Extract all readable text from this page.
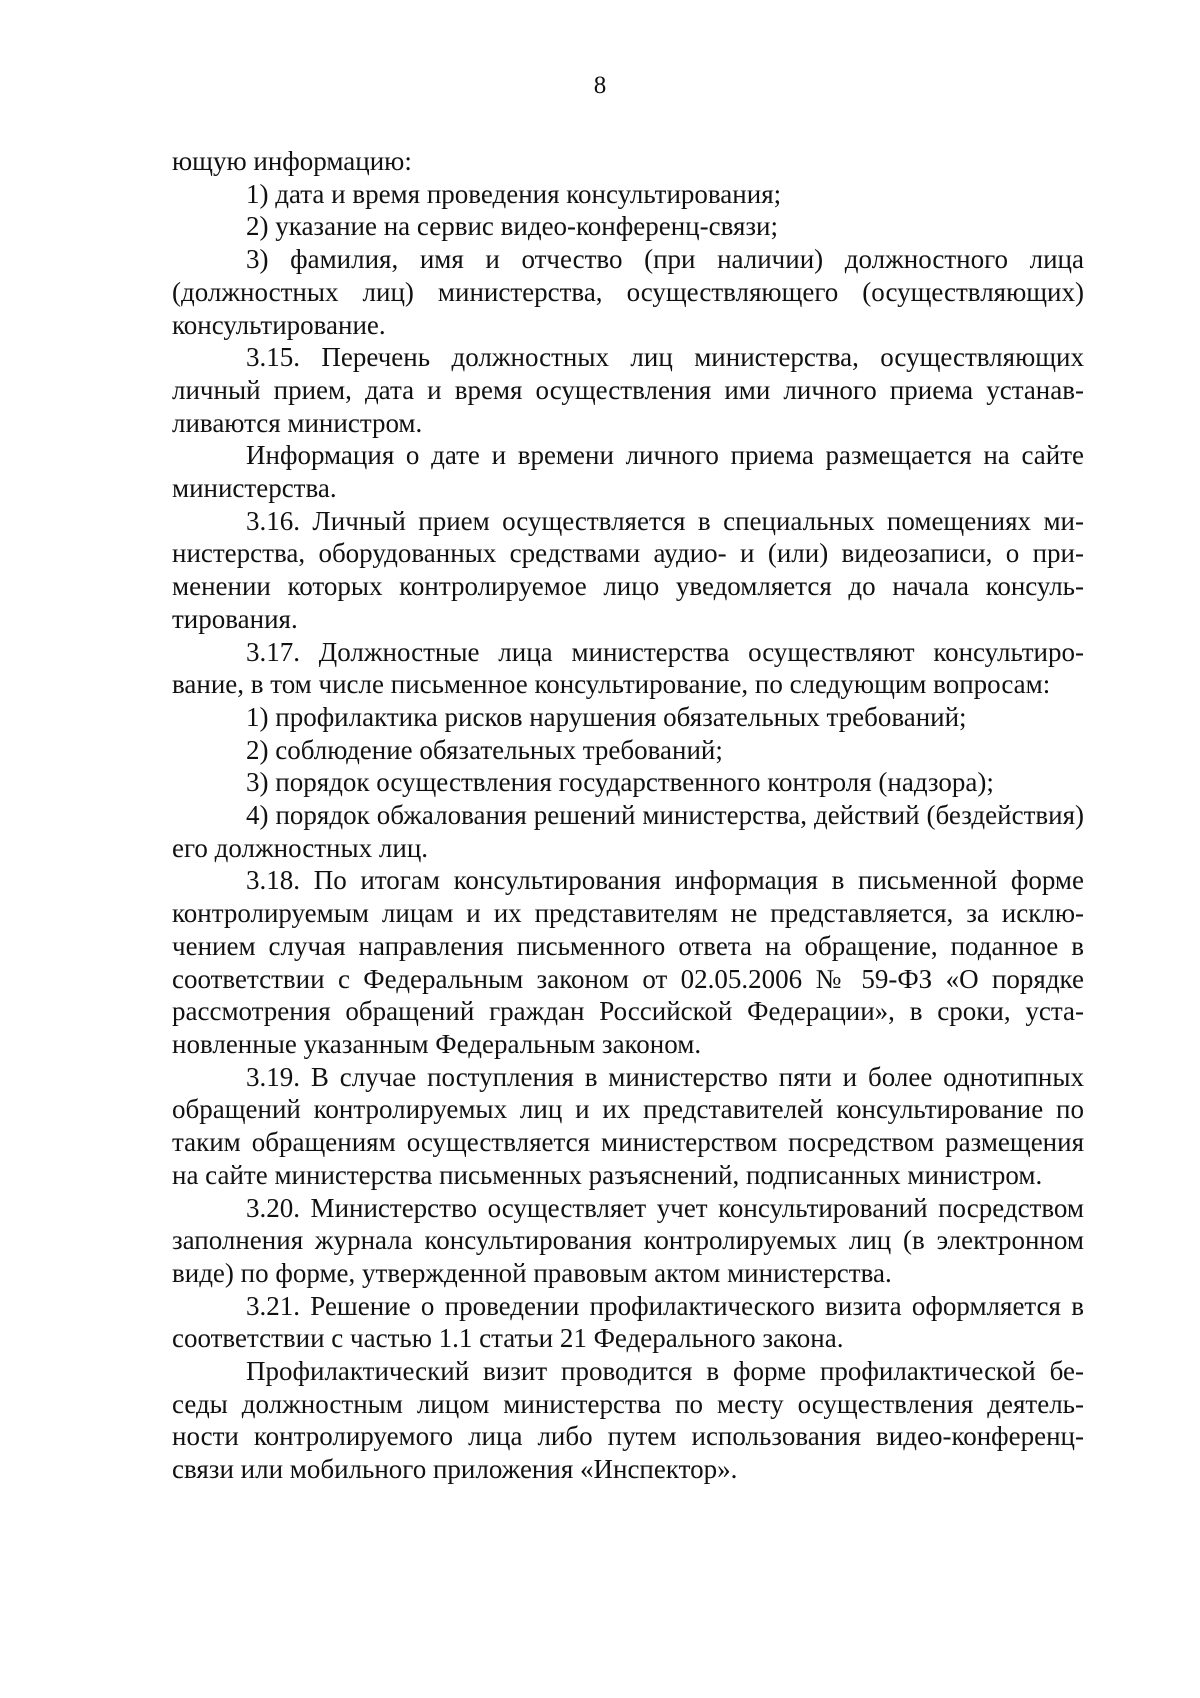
8

ющую информацию:

1) дата и время проведения консультирования;

2) указание на сервис видео-конференц-связи;

3) фамилия, имя и отчество (при наличии) должностного лица (должностных лиц) министерства, осуществляющего (осуществляющих) консультирование.

3.15. Перечень должностных лиц министерства, осуществляющих личный прием, дата и время осуществления ими личного приема устанавливаются министром.

Информация о дате и времени личного приема размещается на сайте министерства.

3.16. Личный прием осуществляется в специальных помещениях министерства, оборудованных средствами аудио- и (или) видеозаписи, о применении которых контролируемое лицо уведомляется до начала консультирования.

3.17. Должностные лица министерства осуществляют консультирование, в том числе письменное консультирование, по следующим вопросам:

1) профилактика рисков нарушения обязательных требований;

2) соблюдение обязательных требований;

3) порядок осуществления государственного контроля (надзора);

4) порядок обжалования решений министерства, действий (бездействия) его должностных лиц.

3.18. По итогам консультирования информация в письменной форме контролируемым лицам и их представителям не представляется, за исключением случая направления письменного ответа на обращение, поданное в соответствии с Федеральным законом от 02.05.2006 № 59-ФЗ «О порядке рассмотрения обращений граждан Российской Федерации», в сроки, установленные указанным Федеральным законом.

3.19. В случае поступления в министерство пяти и более однотипных обращений контролируемых лиц и их представителей консультирование по таким обращениям осуществляется министерством посредством размещения на сайте министерства письменных разъяснений, подписанных министром.

3.20. Министерство осуществляет учет консультирований посредством заполнения журнала консультирования контролируемых лиц (в электронном виде) по форме, утвержденной правовым актом министерства.

3.21. Решение о проведении профилактического визита оформляется в соответствии с частью 1.1 статьи 21 Федерального закона.

Профилактический визит проводится в форме профилактической беседы должностным лицом министерства по месту осуществления деятельности контролируемого лица либо путем использования видео-конференц-связи или мобильного приложения «Инспектор».
